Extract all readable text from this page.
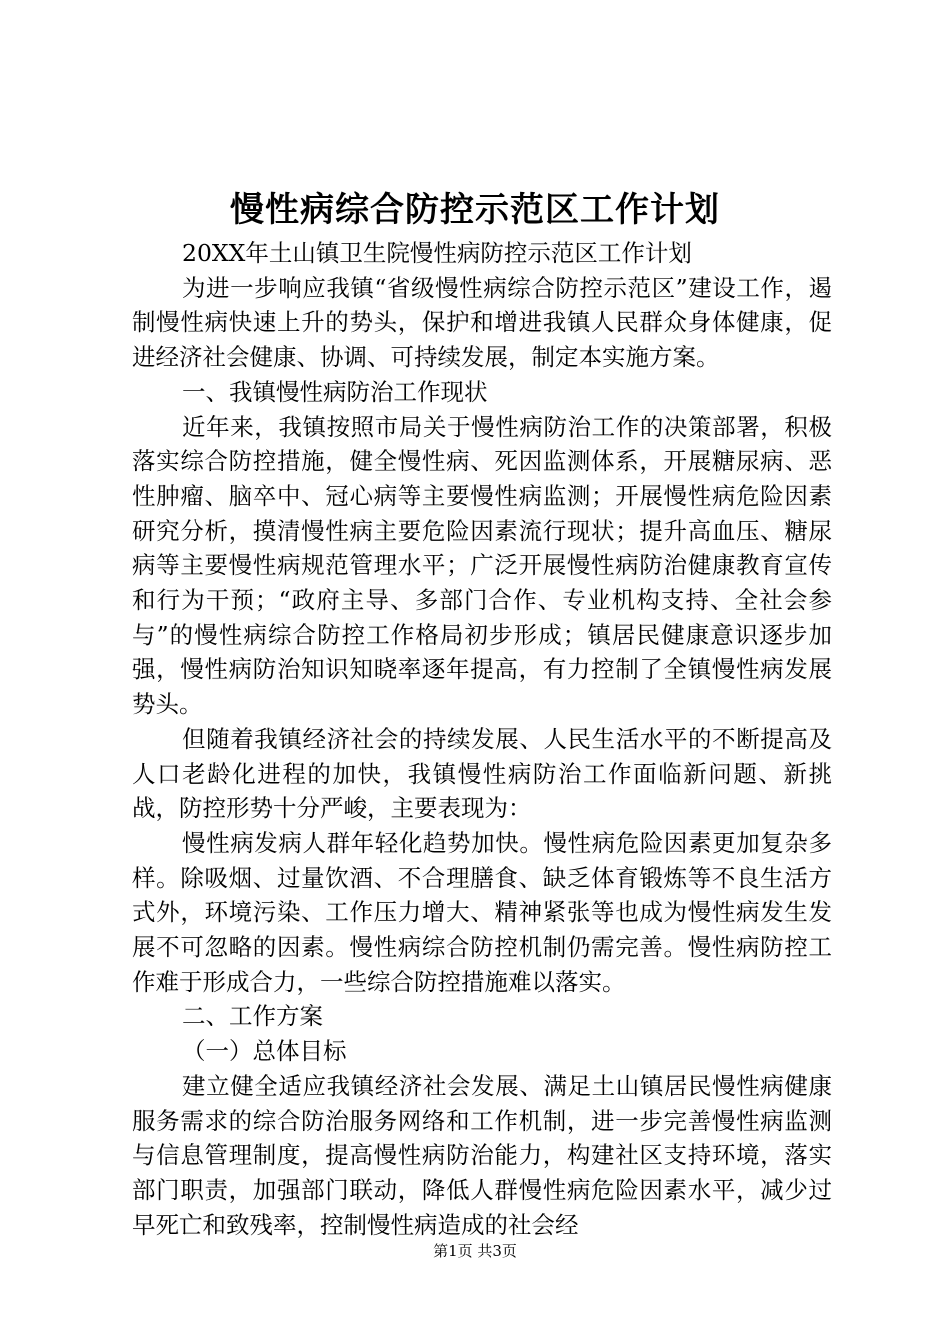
慢性病综合防控示范区工作计划

20XX年土山镇卫生院慢性病防控示范区工作计划

为进一步响应我镇“省级慢性病综合防控示范区”建设工作，遏制慢性病快速上升的势头，保护和增进我镇人民群众身体健康，促进经济社会健康、协调、可持续发展，制定本实施方案。

一、我镇慢性病防治工作现状

近年来，我镇按照市局关于慢性病防治工作的决策部署，积极落实综合防控措施，健全慢性病、死因监测体系，开展糖尿病、恶性肿瘤、脑卒中、冠心病等主要慢性病监测；开展慢性病危险因素研究分析，摸清慢性病主要危险因素流行现状；提升高血压、糖尿病等主要慢性病规范管理水平；广泛开展慢性病防治健康教育宣传和行为干预；“政府主导、多部门合作、专业机构支持、全社会参与”的慢性病综合防控工作格局初步形成；镇居民健康意识逐步加强，慢性病防治知识知晓率逐年提高，有力控制了全镇慢性病发展势头。

但随着我镇经济社会的持续发展、人民生活水平的不断提高及人口老龄化进程的加快，我镇慢性病防治工作面临新问题、新挑战，防控形势十分严峻，主要表现为：

慢性病发病人群年轻化趋势加快。慢性病危险因素更加复杂多样。除吸烟、过量饮酒、不合理膳食、缺乏体育锻炼等不良生活方式外，环境污染、工作压力增大、精神紧张等也成为慢性病发生发展不可忽略的因素。慢性病综合防控机制仍需完善。慢性病防控工作难于形成合力，一些综合防控措施难以落实。

二、工作方案

（一）总体目标

建立健全适应我镇经济社会发展、满足土山镇居民慢性病健康服务需求的综合防治服务网络和工作机制，进一步完善慢性病监测与信息管理制度，提高慢性病防治能力，构建社区支持环境，落实部门职责，加强部门联动，降低人群慢性病危险因素水平，减少过早死亡和致残率，控制慢性病造成的社会经

第1页 共3页
